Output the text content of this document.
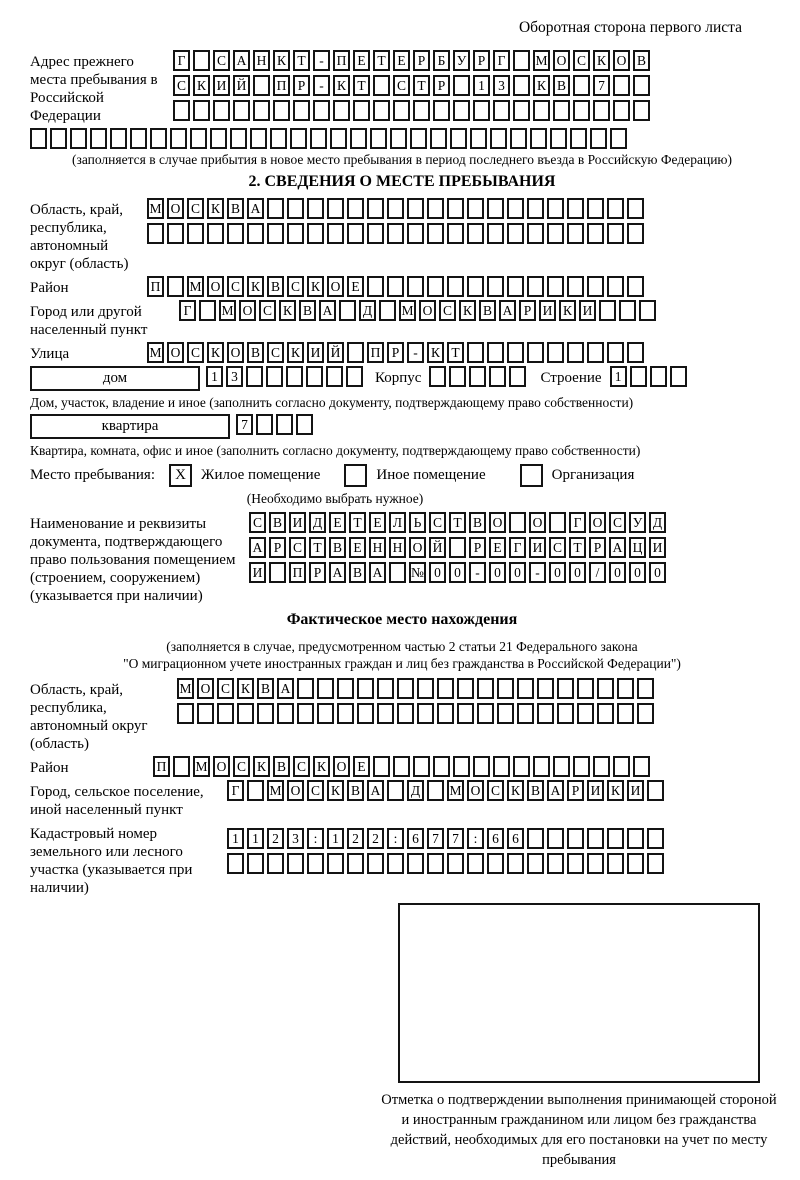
Оборотная сторона первого листа
Адрес прежнего места пребывания в Российской Федерации
Г	С А Н К Т	- П Е Т Е Р Б У Р Г	М О С К О В
С К И Й П Р	- К Т	С Т Р	1 3	К В	7
(заполняется в случае прибытия в новое место пребывания в период последнего въезда в Российскую Федерацию)
2. СВЕДЕНИЯ О МЕСТЕ ПРЕБЫВАНИЯ
Область, край, республика, автономный округ (область)
М О С К В А
Район	П М О С К В С К О Е
Город или другой населенный пункт
Г	М О С К В А Д М О С К В А Р И К И
Улица	М О С К О В С К И Й П Р	- К Т
дом	1 3	Корпус	Строение 1
Дом, участок, владение и иное (заполнить согласно документу, подтверждающему право собственности)
квартира	7
Квартира, комната, офис и иное (заполнить согласно документу, подтверждающему право собственности)
Место пребывания:	X	Жилое помещение	Иное помещение	Организация
(Необходимо выбрать нужное)
Наименование и реквизиты документа, подтверждающего право пользования помещением (строением, сооружением) (указывается при наличии)
С В И Д Е Т Е Л Ь С Т В О О	Г О С У Д
А Р С Т В Е Н Н О Й	Р Е Г И С Т Р А Ц И
И П Р А В А № 0 0	-	0 0	-	0 0	/	0 0 0
Фактическое место нахождения
(заполняется в случае, предусмотренном частью 2 статьи 21 Федерального закона
"О миграционном учете иностранных граждан и лиц без гражданства в Российской Федерации")
Область, край, республика, автономный округ (область)
М О С К В А
Район	П М О С К В С К О Е
Город, сельское поселение, иной населенный пункт
Г	М О С К В А Д М О С К В А Р И К И
Кадастровый номер земельного или лесного участка (указывается при наличии)
1 1 2 3	:	1 2 2	:	6 7 7	:	6 6
Отметка о подтверждении выполнения принимающей стороной и иностранным гражданином или лицом без гражданства действий, необходимых для его постановки на учет по месту пребывания
